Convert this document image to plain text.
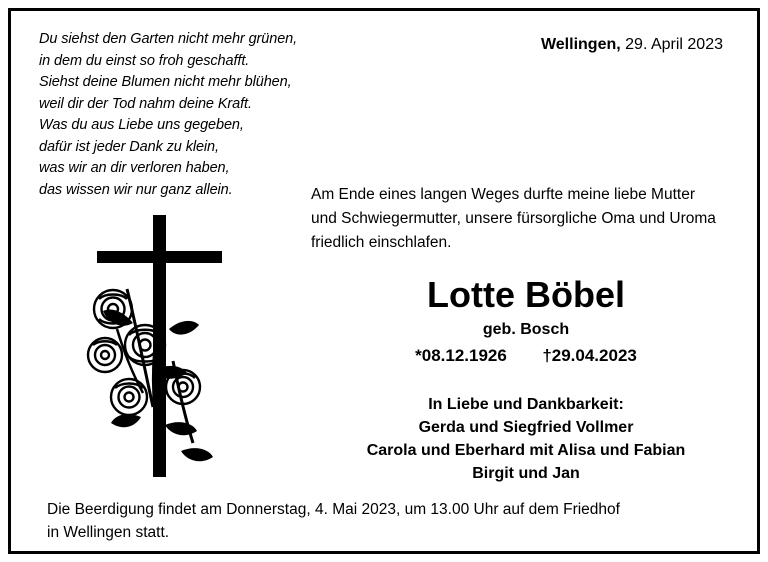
Du siehst den Garten nicht mehr grünen,
in dem du einst so froh geschafft.
Siehst deine Blumen nicht mehr blühen,
weil dir der Tod nahm deine Kraft.
Was du aus Liebe uns gegeben,
dafür ist jeder Dank zu klein,
was wir an dir verloren haben,
das wissen wir nur ganz allein.
Wellingen, 29. April 2023
Am Ende eines langen Weges durfte meine liebe Mutter
und Schwiegermutter, unsere fürsorgliche Oma und Uroma
friedlich einschlafen.
Lotte Böbel
geb. Bosch
*08.12.1926 †29.04.2023
In Liebe und Dankbarkeit:
Gerda und Siegfried Vollmer
Carola und Eberhard mit Alisa und Fabian
Birgit und Jan
Die Beerdigung findet am Donnerstag, 4. Mai 2023, um 13.00 Uhr auf dem Friedhof
in Wellingen statt.
